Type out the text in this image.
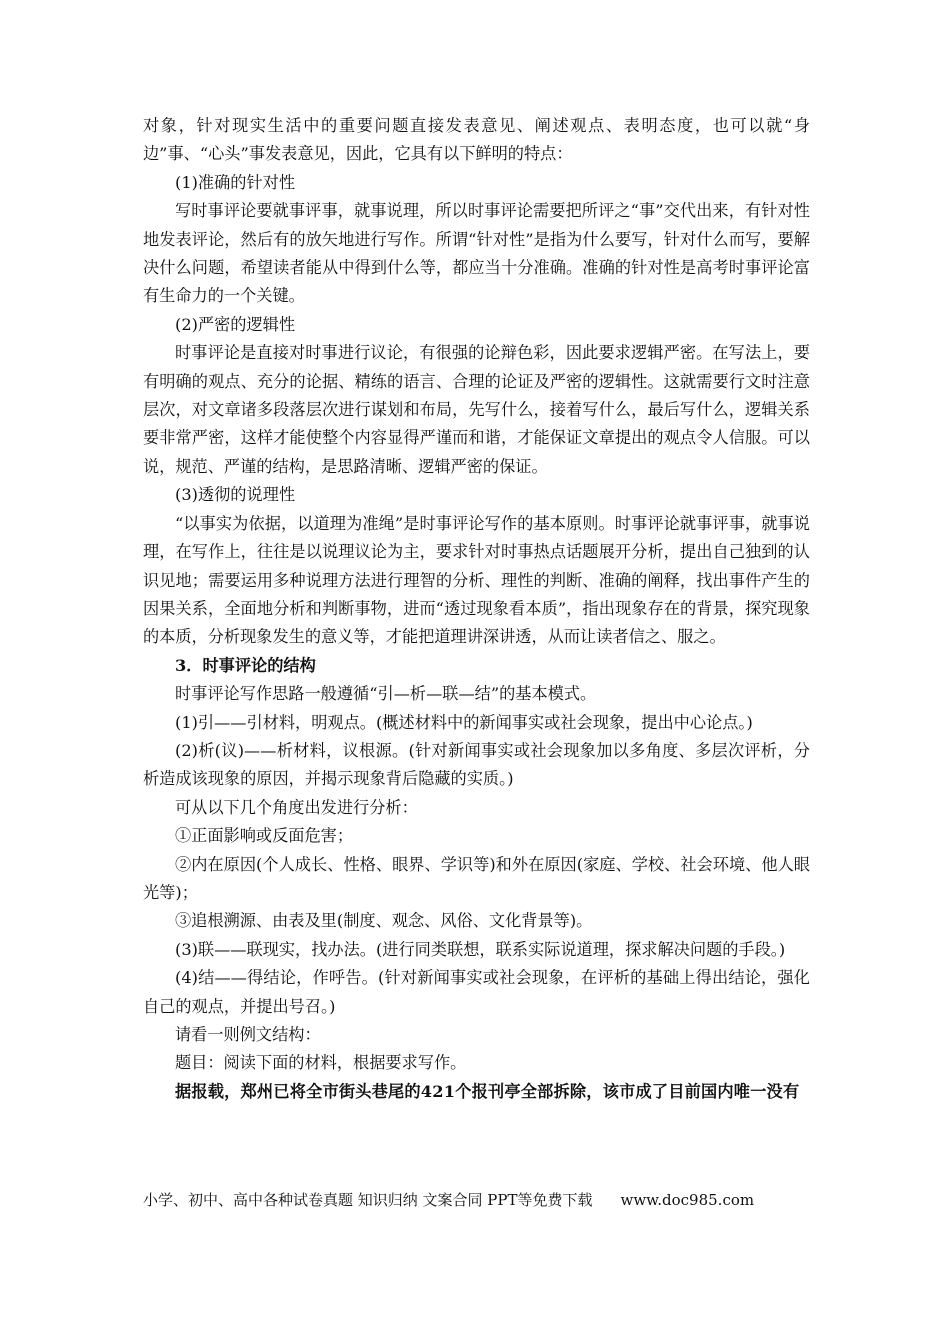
对象，针对现实生活中的重要问题直接发表意见、阐述观点、表明态度，也可以就“身边”事、“心头”事发表意见，因此，它具有以下鲜明的特点：

(1)准确的针对性

写时事评论要就事评事，就事说理，所以时事评论需要把所评之“事”交代出来，有针对性地发表评论，然后有的放矢地进行写作。所谓“针对性”是指为什么要写，针对什么而写，要解决什么问题，希望读者能从中得到什么等，都应当十分准确。准确的针对性是高考时事评论富有生命力的一个关键。

(2)严密的逻辑性

时事评论是直接对时事进行议论，有很强的论辩色彩，因此要求逻辑严密。在写法上，要有明确的观点、充分的论据、精练的语言、合理的论证及严密的逻辑性。这就需要行文时注意层次，对文章诸多段落层次进行谋划和布局，先写什么，接着写什么，最后写什么，逻辑关系要非常严密，这样才能使整个内容显得严谨而和谐，才能保证文章提出的观点令人信服。可以说，规范、严谨的结构，是思路清晰、逻辑严密的保证。

(3)透彻的说理性

“以事实为依据，以道理为准绳”是时事评论写作的基本原则。时事评论就事评事，就事说理，在写作上，往往是以说理议论为主，要求针对时事热点话题展开分析，提出自己独到的认识见地；需要运用多种说理方法进行理智的分析、理性的判断、准确的阐释，找出事件产生的因果关系，全面地分析和判断事物，进而“透过现象看本质”，指出现象存在的背景，探究现象的本质，分析现象发生的意义等，才能把道理讲深讲透，从而让读者信之、服之。

3．时事评论的结构

时事评论写作思路一般遵循“引—析—联—结”的基本模式。

(1)引——引材料，明观点。(概述材料中的新闻事实或社会现象，提出中心论点。)

(2)析(议)——析材料，议根源。(针对新闻事实或社会现象加以多角度、多层次评析，分析造成该现象的原因，并揭示现象背后隐藏的实质。)

可从以下几个角度出发进行分析：

①正面影响或反面危害；

②内在原因(个人成长、性格、眼界、学识等)和外在原因(家庭、学校、社会环境、他人眼光等)；

③追根溯源、由表及里(制度、观念、风俗、文化背景等)。

(3)联——联现实，找办法。(进行同类联想，联系实际说道理，探求解决问题的手段。)

(4)结——得结论，作呼告。(针对新闻事实或社会现象，在评析的基础上得出结论，强化自己的观点，并提出号召。)

请看一则例文结构：

题目：阅读下面的材料，根据要求写作。

据报载，郑州已将全市街头巷尾的421个报刊亭全部拆除，该市成了目前国内唯一没有

小学、初中、高中各种试卷真题 知识归纳 文案合同 PPT等免费下载 www.doc985.com
